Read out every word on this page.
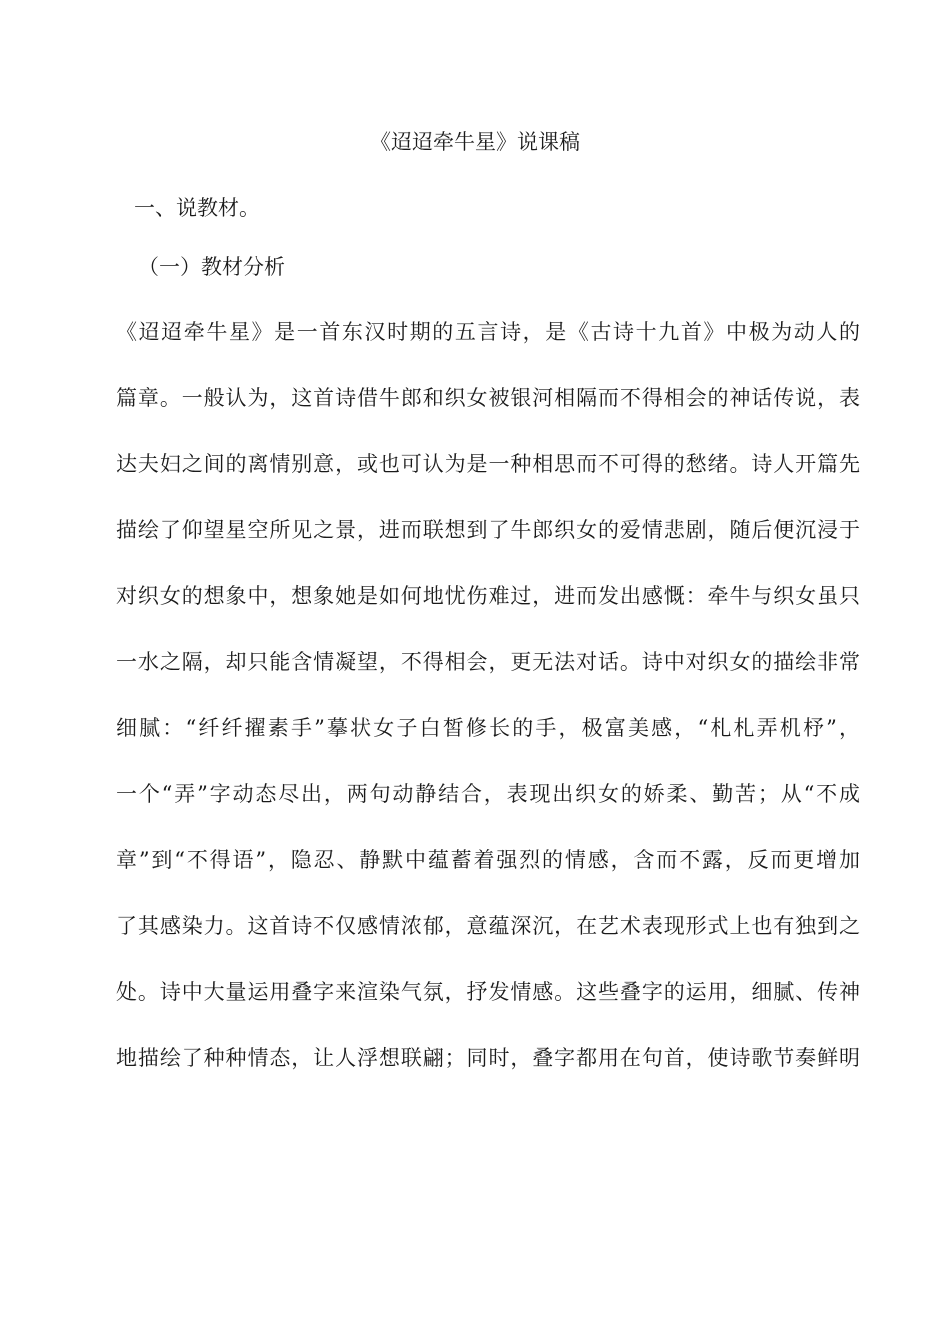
《迢迢牵牛星》说课稿
一、说教材。
（一）教材分析
《迢迢牵牛星》是一首东汉时期的五言诗，是《古诗十九首》中极为动人的
篇章。一般认为，这首诗借牛郎和织女被银河相隔而不得相会的神话传说，表
达夫妇之间的离情别意，或也可认为是一种相思而不可得的愁绪。诗人开篇先
描绘了仰望星空所见之景，进而联想到了牛郎织女的爱情悲剧，随后便沉浸于
对织女的想象中，想象她是如何地忧伤难过，进而发出感慨：牵牛与织女虽只
一水之隔，却只能含情凝望，不得相会，更无法对话。诗中对织女的描绘非常
细腻：“纤纤擢素手”摹状女子白皙修长的手，极富美感，“札札弄机杼”，
一个“弄”字动态尽出，两句动静结合，表现出织女的娇柔、勤苦；从“不成
章”到“不得语”，隐忍、静默中蕴蓄着强烈的情感，含而不露，反而更增加
了其感染力。这首诗不仅感情浓郁，意蕴深沉，在艺术表现形式上也有独到之
处。诗中大量运用叠字来渲染气氛，抒发情感。这些叠字的运用，细腻、传神
地描绘了种种情态，让人浮想联翩；同时，叠字都用在句首，使诗歌节奏鲜明
